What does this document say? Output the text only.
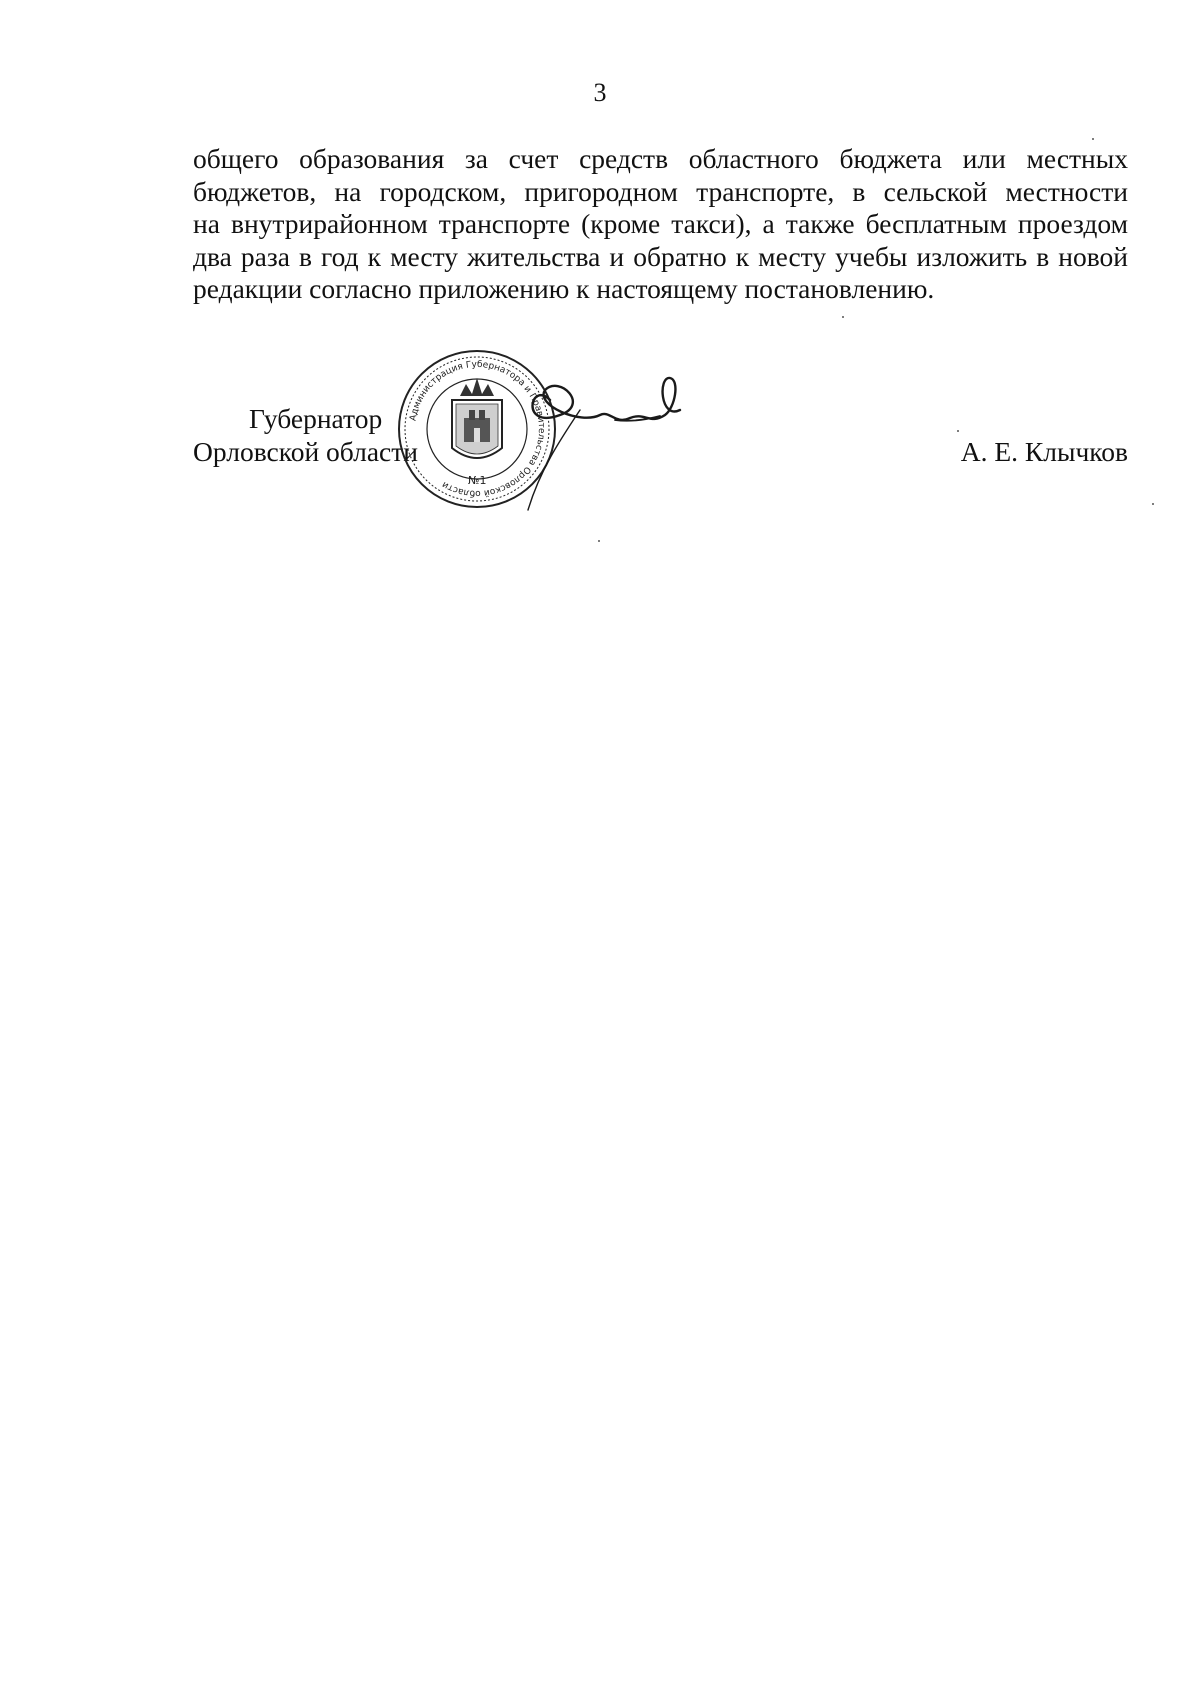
3

общего образования за счет средств областного бюджета или местных
бюджетов, на городском, пригородном транспорте, в сельской местности
на внутрирайонном транспорте (кроме такси), а также бесплатным проездом
два раза в год к месту жительства и обратно к месту учебы изложить в новой
редакции согласно приложению к настоящему постановлению.

Губернатор
Орловской области	А. Е. Клычков
Администрация Губернатора и Правительства Орловской области	№1
